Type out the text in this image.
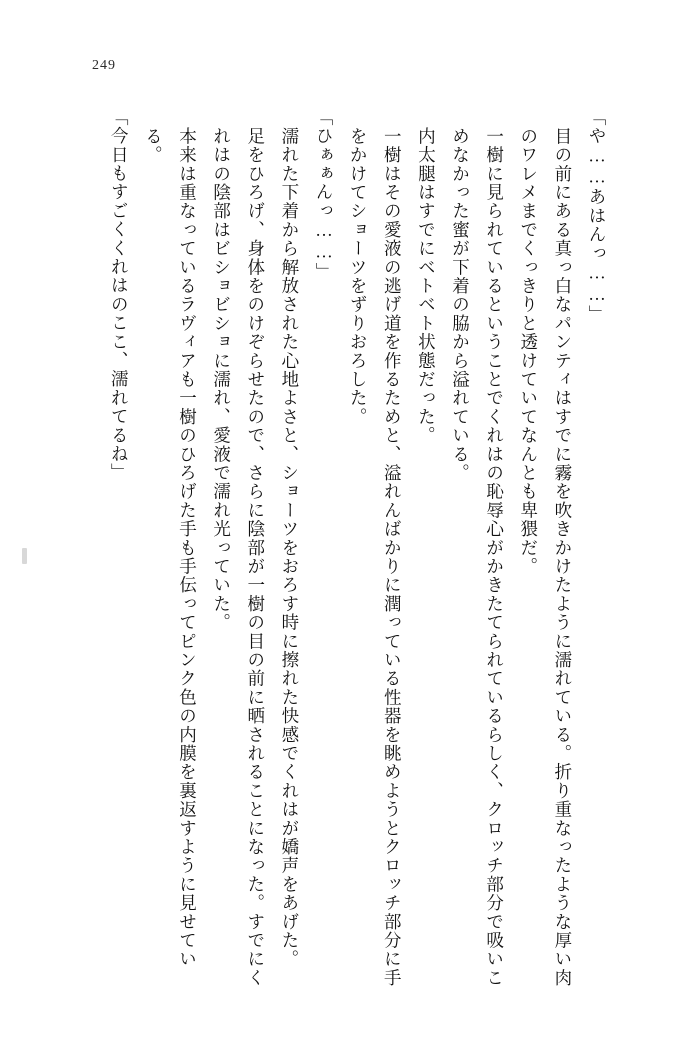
249

「や……あはんっ……」

目の前にある真っ白なパンティはすでに霧を吹きかけたように濡れている。折り重なったような厚い肉のワレメまでくっきりと透けていてなんとも卑猥だ。

一樹に見られているということでくれはの恥辱心がかきたてられているらしく、クロッチ部分で吸いこめなかった蜜が下着の脇から溢れている。

内太腿はすでにベトベト状態だった。

一樹はその愛液の逃げ道を作るためと、溢れんばかりに潤っている性器を眺めようとクロッチ部分に手をかけてショーツをずりおろした。

「ひぁぁんっ……」

濡れた下着から解放された心地よさと、ショーツをおろす時に擦れた快感でくれはが嬌声をあげた。

足をひろげ、身体をのけぞらせたので、さらに陰部が一樹の目の前に晒されることになった。すでにくれはの陰部はビショビショに濡れ、愛液で濡れ光っていた。

本来は重なっているラヴィアも一樹のひろげた手も手伝ってピンク色の内膜を裏返すように見せている。

「今日もすごくくれはのここ、濡れてるね」
